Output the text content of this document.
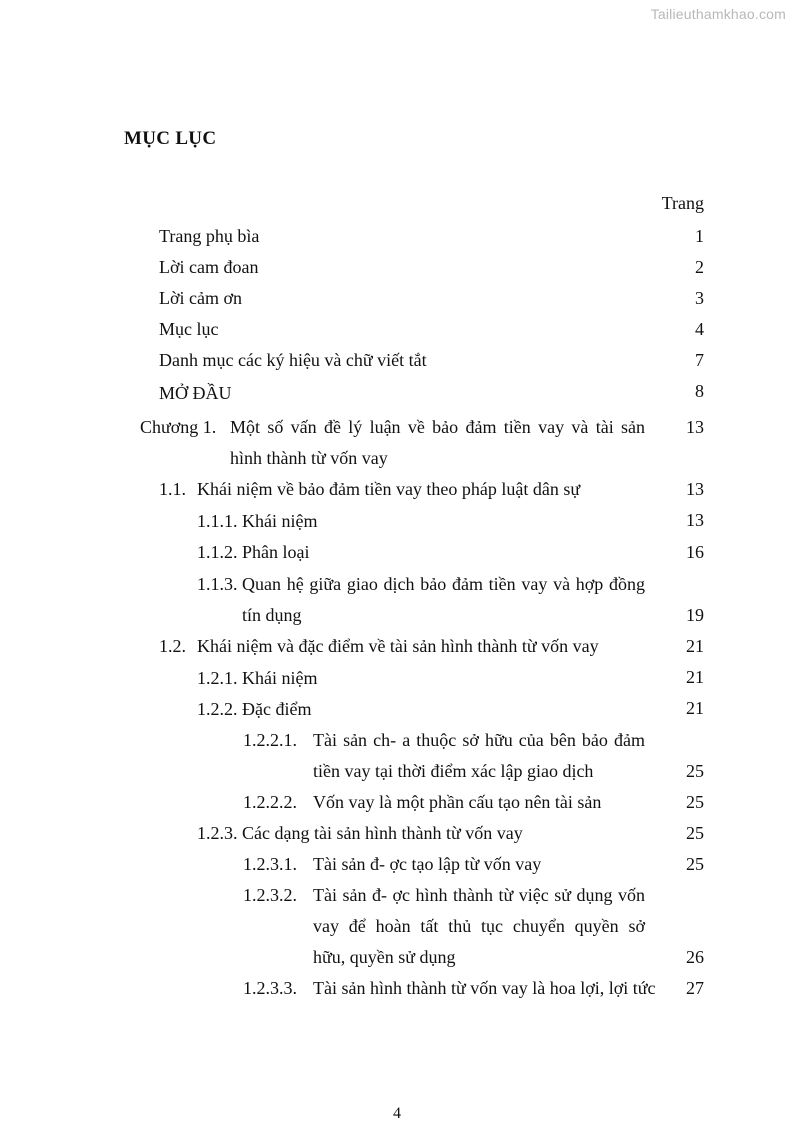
Tailieuthamkhao.com
MỤC LỤC
Trang
Trang phụ bìa	1
Lời cam đoan	2
Lời cảm ơn	3
Mục lục	4
Danh mục các ký hiệu và chữ viết tắt	7
MỞ ĐẦU	8
Chương 1. Một số vấn đề lý luận về bảo đảm tiền vay và tài sản 13
hình thành từ vốn vay
1.1. Khái niệm về bảo đảm tiền vay theo pháp luật dân sự	13
1.1.1. Khái niệm	13
1.1.2. Phân loại	16
1.1.3. Quan hệ giữa giao dịch bảo đảm tiền vay và hợp đồng
tín dụng	19
1.2. Khái niệm và đặc điểm về tài sản hình thành từ vốn vay	21
1.2.1. Khái niệm	21
1.2.2. Đặc điểm	21
1.2.2.1. Tài sản ch- a thuộc sở hữu của bên bảo đảm
tiền vay tại thời điểm xác lập giao dịch	25
1.2.2.2. Vốn vay là một phần cấu tạo nên tài sản	25
1.2.3. Các dạng tài sản hình thành từ vốn vay	25
1.2.3.1. Tài sản đ- ợc tạo lập từ vốn vay	25
1.2.3.2. Tài sản đ- ợc hình thành từ việc sử dụng vốn
vay để hoàn tất thủ tục chuyển quyền sở
hữu, quyền sử dụng	26
1.2.3.3. Tài sản hình thành từ vốn vay là hoa lợi, lợi tức 27
4
